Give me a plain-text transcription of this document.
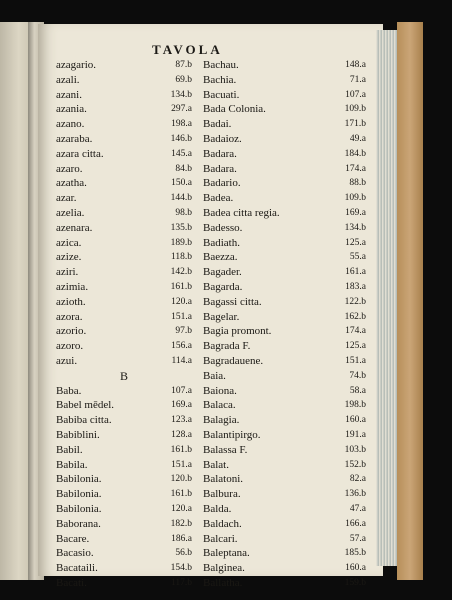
TAVOLA
azagario.	87.b
azali.	69.b
azani.	134.b
azania.	297.a
azano.	198.a
azaraba.	146.b
azara citta.	145.a
azaro.	84.b
azatha.	150.a
azar.	144.b
azelia.	98.b
azenara.	135.b
azica.	189.b
azize.	118.b
aziri.	142.b
azimia.	161.b
azioth.	120.a
azora.	151.a
azorio.	97.b
azoro.	156.a
azui.	114.a
B
Baba.	107.a
Babel mēdel.	169.a
Babiba citta.	123.a
Babiblini.	128.a
Babil.	161.b
Babila.	151.a
Babilonia.	120.b
Babilonia.	161.b
Babilonia.	120.a
Baborana.	182.b
Bacare.	186.a
Bacasio.	56.b
Bacataili.	154.b
Bacati.	117.b
Bachau.	148.a
Bachia.	71.a
Bacuati.	107.a
Bada Colonia.	109.b
Badai.	171.b
Badaioz.	49.a
Badara.	184.b
Badara.	174.a
Badario.	88.b
Badea.	109.b
Badea citta regia.	169.a
Badesso.	134.b
Badiath.	125.a
Baezza.	55.a
Bagader.	161.a
Bagarda.	183.a
Bagassi citta.	122.b
Bagelar.	162.b
Bagia promont.	174.a
Bagrada F.	125.a
Bagradauene.	151.a
Baia.	74.b
Baiona.	58.a
Balaca.	198.b
Balagia.	160.a
Balantipirgo.	191.a
Balassa F.	103.b
Balat.	152.b
Balatoni.	82.a
Balbura.	136.b
Balda.	47.a
Baldach.	166.a
Balcari.	57.a
Baleptana.	185.b
Balginea.	160.a
Ballatha.	159.b
